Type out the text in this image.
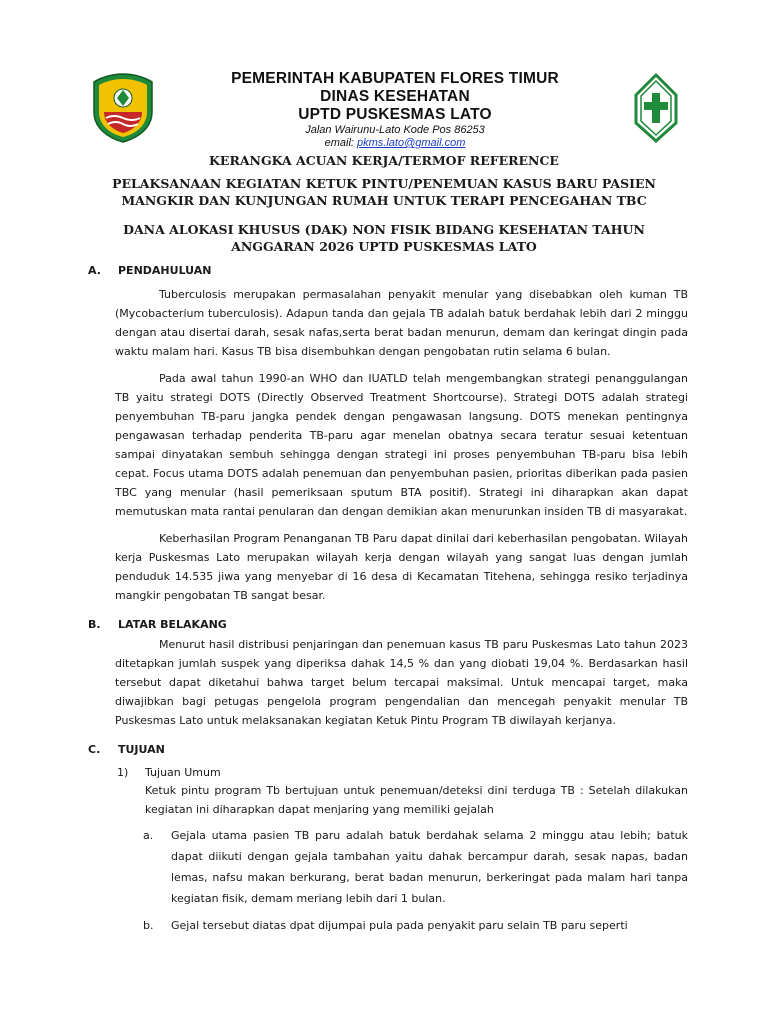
PEMERINTAH KABUPATEN FLORES TIMUR
DINAS KESEHATAN
UPTD PUSKESMAS LATO
Jalan Wairunu-Lato Kode Pos 86253
email: pkms.lato@gmail.com
KERANGKA ACUAN KERJA/TERMOF REFERENCE
PELAKSANAAN KEGIATAN KETUK PINTU/PENEMUAN KASUS BARU PASIEN MANGKIR DAN KUNJUNGAN RUMAH UNTUK TERAPI PENCEGAHAN TBC
DANA ALOKASI KHUSUS (DAK) NON FISIK BIDANG KESEHATAN TAHUN ANGGARAN 2026 UPTD PUSKESMAS LATO
A. PENDAHULUAN

Tuberculosis merupakan permasalahan penyakit menular yang disebabkan oleh kuman TB (Mycobacterium tuberculosis). Adapun tanda dan gejala TB adalah batuk berdahak lebih dari 2 minggu dengan atau disertai darah, sesak nafas,serta berat badan menurun, demam dan keringat dingin pada waktu malam hari. Kasus TB bisa disembuhkan dengan pengobatan rutin selama 6 bulan.

Pada awal tahun 1990-an WHO dan IUATLD telah mengembangkan strategi penanggulangan TB yaitu strategi DOTS (Directly Observed Treatment Shortcourse). Strategi DOTS adalah strategi penyembuhan TB-paru jangka pendek dengan pengawasan langsung. DOTS menekan pentingnya pengawasan terhadap penderita TB-paru agar menelan obatnya secara teratur sesuai ketentuan sampai dinyatakan sembuh sehingga dengan strategi ini proses penyembuhan TB-paru bisa lebih cepat. Focus utama DOTS adalah penemuan dan penyembuhan pasien, prioritas diberikan pada pasien TBC yang menular (hasil pemeriksaan sputum BTA positif). Strategi ini diharapkan akan dapat memutuskan mata rantai penularan dan dengan demikian akan menurunkan insiden TB di masyarakat.

Keberhasilan Program Penanganan TB Paru dapat dinilai dari keberhasilan pengobatan. Wilayah kerja Puskesmas Lato merupakan wilayah kerja dengan wilayah yang sangat luas dengan jumlah penduduk 14.535 jiwa yang menyebar di 16 desa di Kecamatan Titehena, sehingga resiko terjadinya mangkir pengobatan TB sangat besar.

B. LATAR BELAKANG

Menurut hasil distribusi penjaringan dan penemuan kasus TB paru Puskesmas Lato tahun 2023 ditetapkan jumlah suspek yang diperiksa dahak 14,5 % dan yang diobati 19,04 %. Berdasarkan hasil tersebut dapat diketahui bahwa target belum tercapai maksimal. Untuk mencapai target, maka diwajibkan bagi petugas pengelola program pengendalian dan mencegah penyakit menular TB Puskesmas Lato untuk melaksanakan kegiatan Ketuk Pintu Program TB diwilayah kerjanya.

C. TUJUAN
1) Tujuan Umum
Ketuk pintu program Tb bertujuan untuk penemuan/deteksi dini terduga TB : Setelah dilakukan kegiatan ini diharapkan dapat menjaring yang memiliki gejalah
a. Gejala utama pasien TB paru adalah batuk berdahak selama 2 minggu atau lebih; batuk dapat diikuti dengan gejala tambahan yaitu dahak bercampur darah, sesak napas, badan lemas, nafsu makan berkurang, berat badan menurun, berkeringat pada malam hari tanpa kegiatan fisik, demam meriang lebih dari 1 bulan.
b. Gejal tersebut diatas dpat dijumpai pula pada penyakit paru selain TB paru seperti
